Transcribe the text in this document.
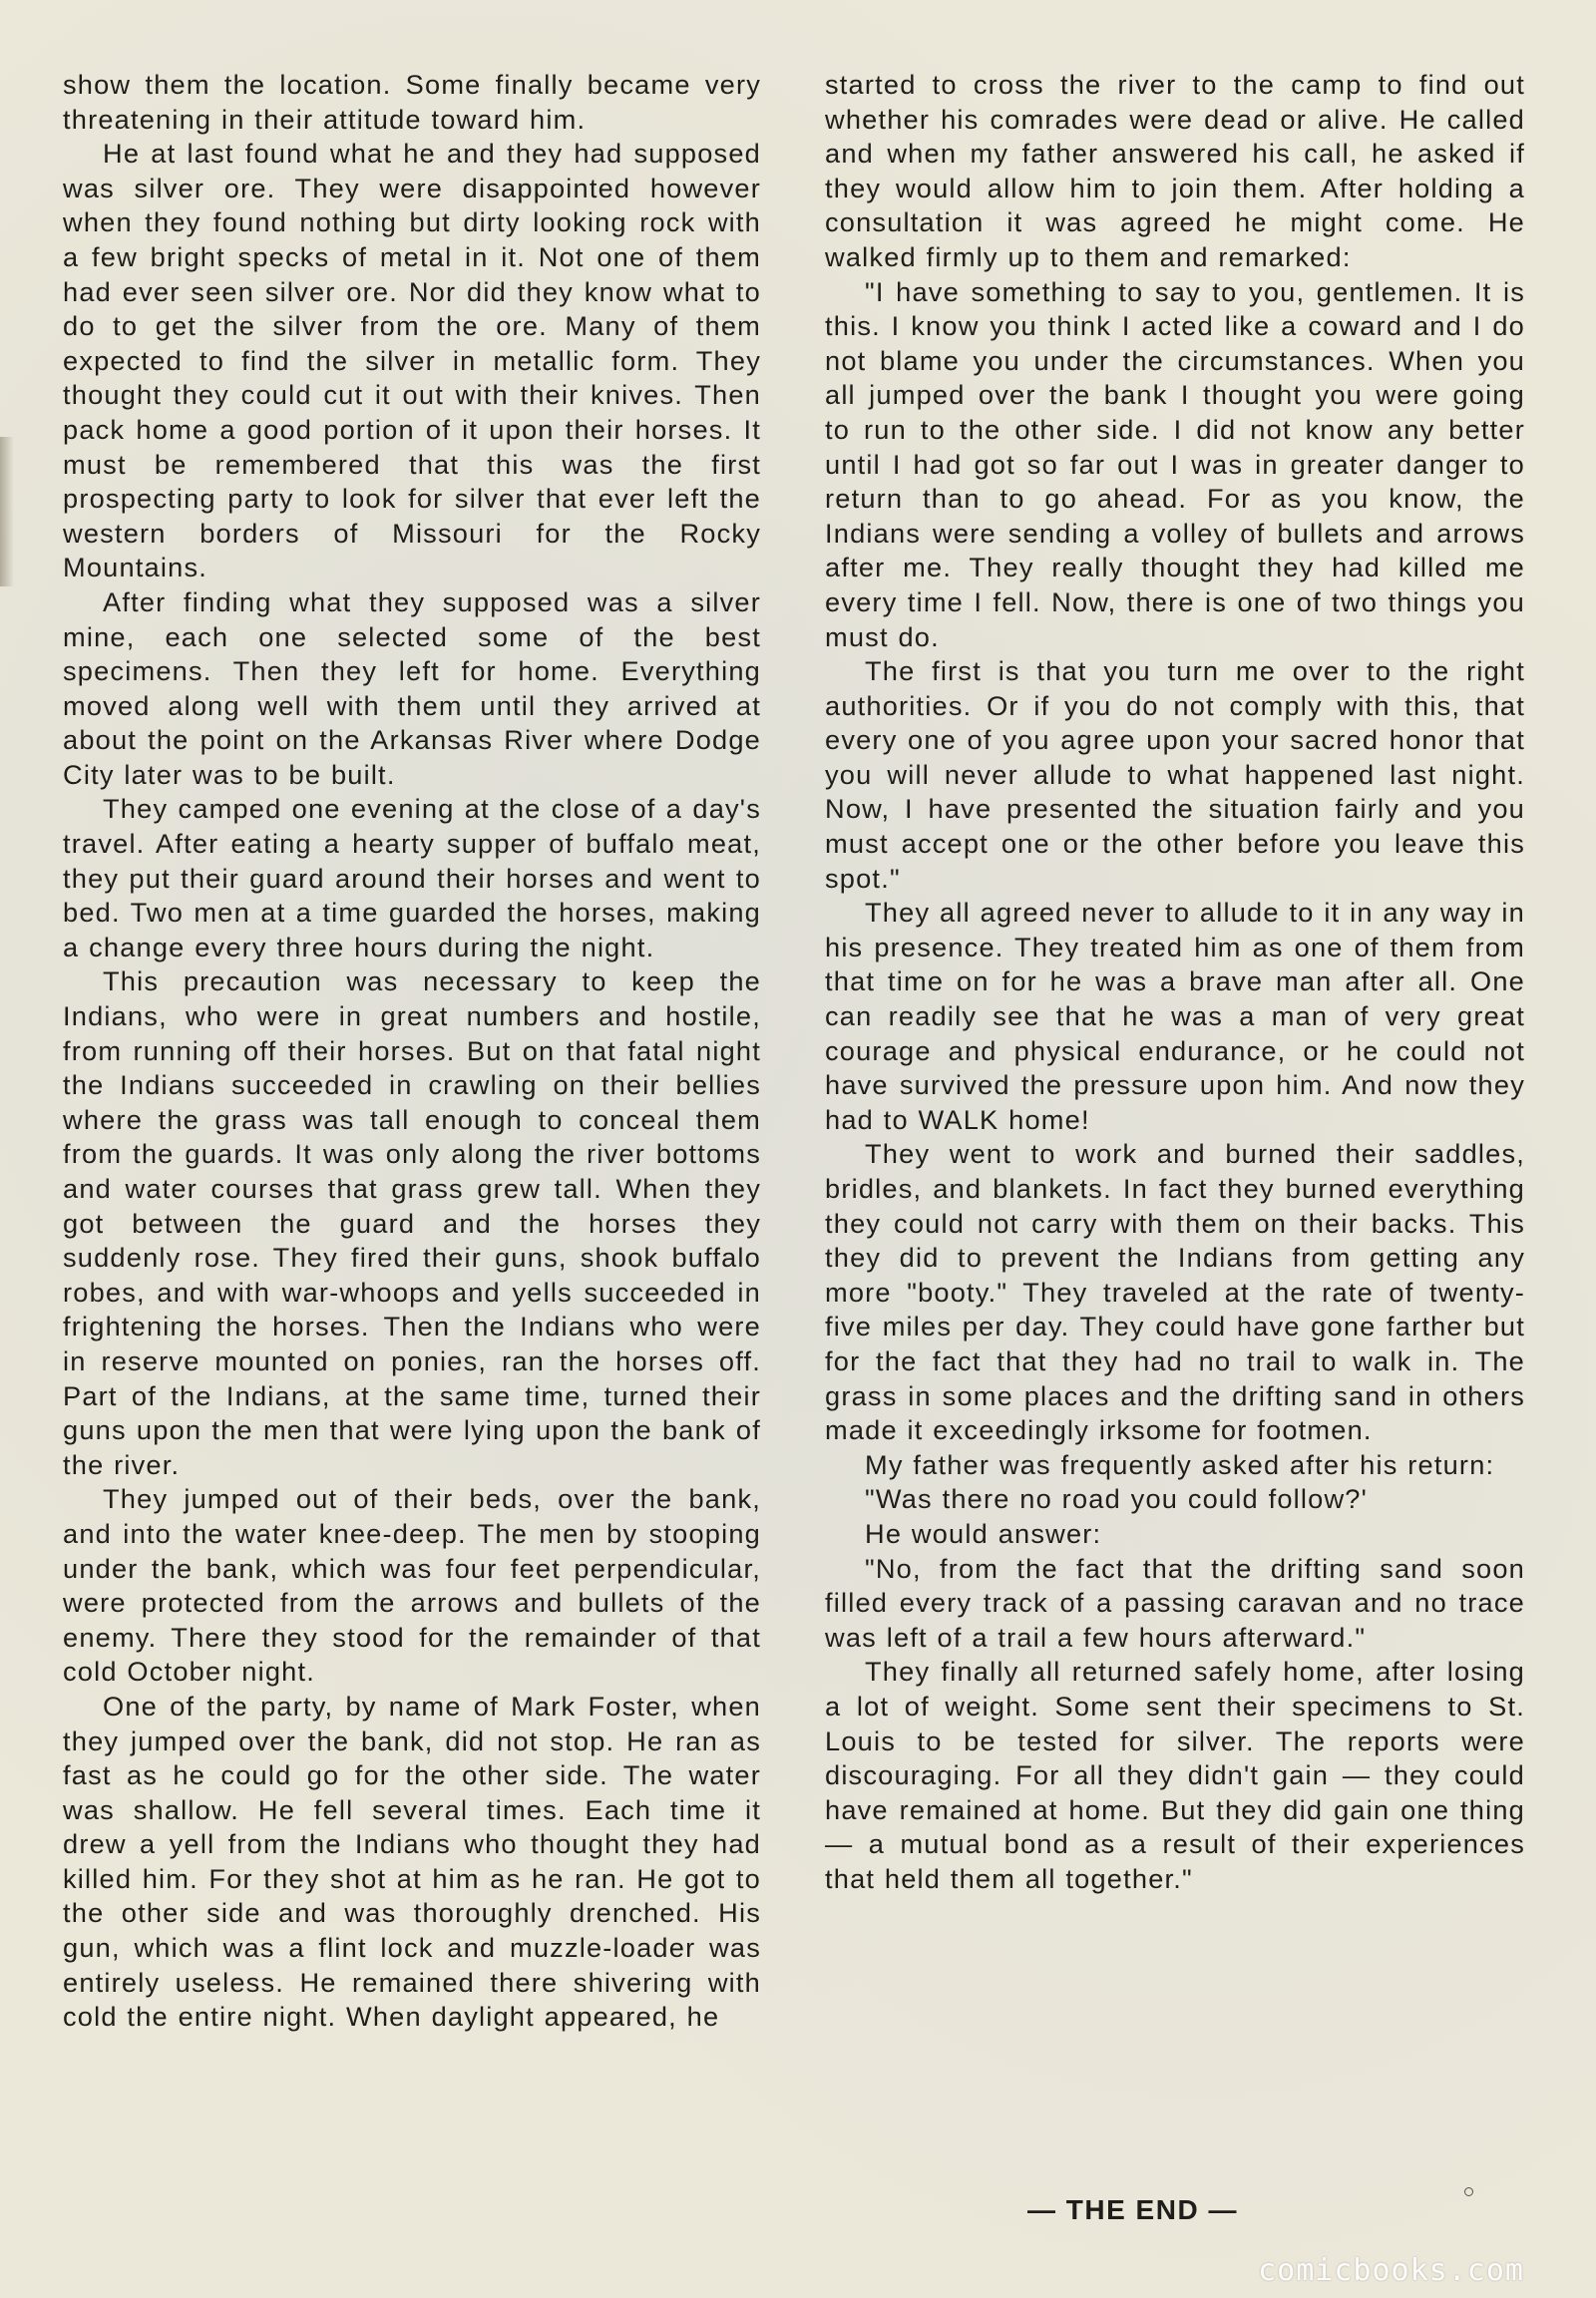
show them the location. Some finally became very threatening in their attitude toward him.

He at last found what he and they had supposed was silver ore. They were disappointed however when they found nothing but dirty looking rock with a few bright specks of metal in it. Not one of them had ever seen silver ore. Nor did they know what to do to get the silver from the ore. Many of them expected to find the silver in metallic form. They thought they could cut it out with their knives. Then pack home a good portion of it upon their horses. It must be remembered that this was the first prospecting party to look for silver that ever left the western borders of Missouri for the Rocky Mountains.

After finding what they supposed was a silver mine, each one selected some of the best specimens. Then they left for home. Everything moved along well with them until they arrived at about the point on the Arkansas River where Dodge City later was to be built.

They camped one evening at the close of a day's travel. After eating a hearty supper of buffalo meat, they put their guard around their horses and went to bed. Two men at a time guarded the horses, making a change every three hours during the night.

This precaution was necessary to keep the Indians, who were in great numbers and hostile, from running off their horses. But on that fatal night the Indians succeeded in crawling on their bellies where the grass was tall enough to conceal them from the guards. It was only along the river bottoms and water courses that grass grew tall. When they got between the guard and the horses they suddenly rose. They fired their guns, shook buffalo robes, and with war-whoops and yells succeeded in frightening the horses. Then the Indians who were in reserve mounted on ponies, ran the horses off. Part of the Indians, at the same time, turned their guns upon the men that were lying upon the bank of the river.

They jumped out of their beds, over the bank, and into the water knee-deep. The men by stooping under the bank, which was four feet perpendicular, were protected from the arrows and bullets of the enemy. There they stood for the remainder of that cold October night.

One of the party, by name of Mark Foster, when they jumped over the bank, did not stop. He ran as fast as he could go for the other side. The water was shallow. He fell several times. Each time it drew a yell from the Indians who thought they had killed him. For they shot at him as he ran. He got to the other side and was thoroughly drenched. His gun, which was a flint lock and muzzle-loader was entirely useless. He remained there shivering with cold the entire night. When daylight appeared, he

started to cross the river to the camp to find out whether his comrades were dead or alive. He called and when my father answered his call, he asked if they would allow him to join them. After holding a consultation it was agreed he might come. He walked firmly up to them and remarked:

"I have something to say to you, gentlemen. It is this. I know you think I acted like a coward and I do not blame you under the circumstances. When you all jumped over the bank I thought you were going to run to the other side. I did not know any better until I had got so far out I was in greater danger to return than to go ahead. For as you know, the Indians were sending a volley of bullets and arrows after me. They really thought they had killed me every time I fell. Now, there is one of two things you must do.

The first is that you turn me over to the right authorities. Or if you do not comply with this, that every one of you agree upon your sacred honor that you will never allude to what happened last night. Now, I have presented the situation fairly and you must accept one or the other before you leave this spot."

They all agreed never to allude to it in any way in his presence. They treated him as one of them from that time on for he was a brave man after all. One can readily see that he was a man of very great courage and physical endurance, or he could not have survived the pressure upon him. And now they had to WALK home!

They went to work and burned their saddles, bridles, and blankets. In fact they burned everything they could not carry with them on their backs. This they did to prevent the Indians from getting any more "booty." They traveled at the rate of twenty-five miles per day. They could have gone farther but for the fact that they had no trail to walk in. The grass in some places and the drifting sand in others made it exceedingly irksome for footmen.

My father was frequently asked after his return:

"Was there no road you could follow?'

He would answer:

"No, from the fact that the drifting sand soon filled every track of a passing caravan and no trace was left of a trail a few hours afterward."

They finally all returned safely home, after losing a lot of weight. Some sent their specimens to St. Louis to be tested for silver. The reports were discouraging. For all they didn't gain — they could have remained at home. But they did gain one thing — a mutual bond as a result of their experiences that held them all together."

— THE END —
comicbooks.com
